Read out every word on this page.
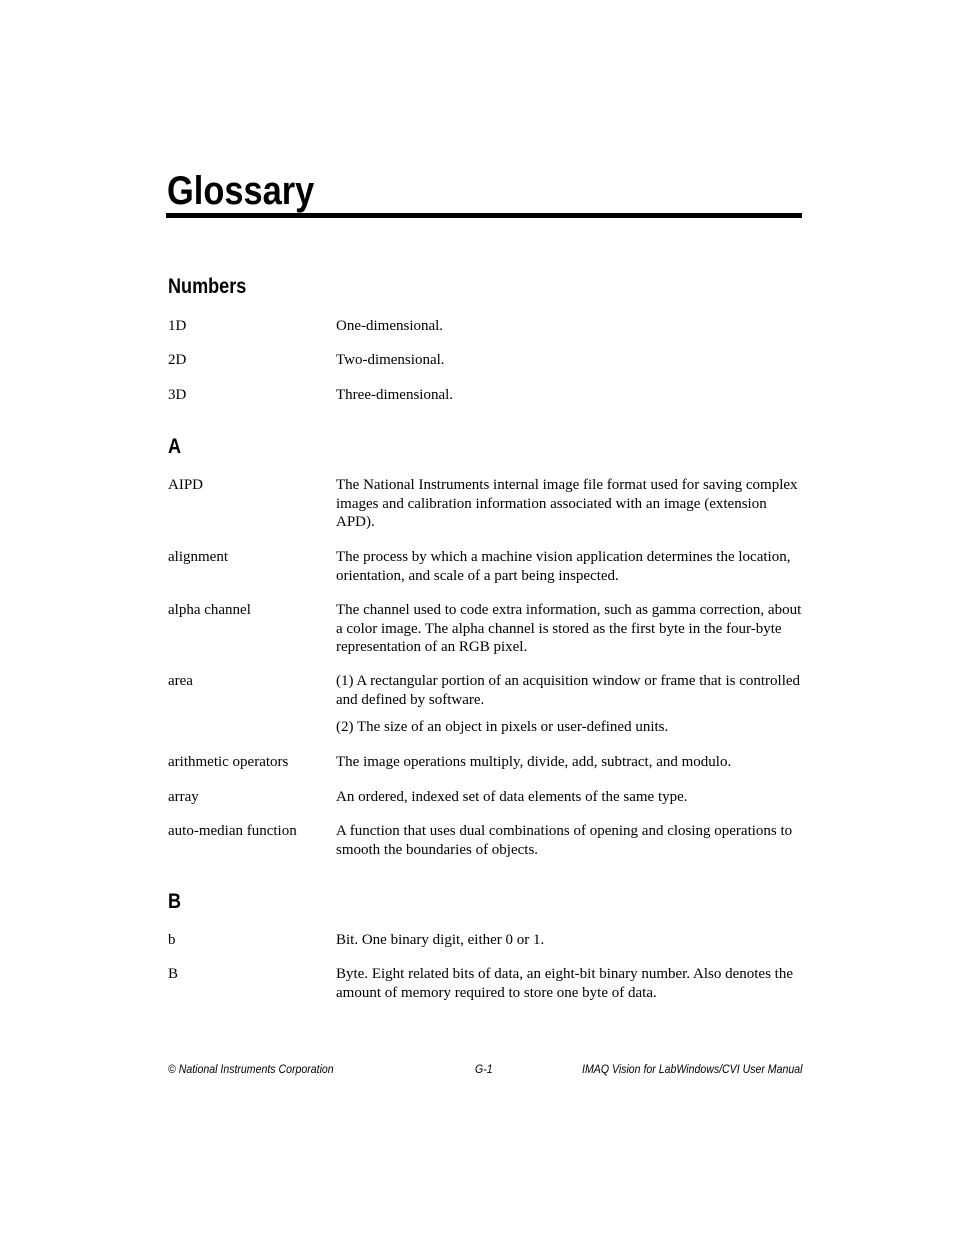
Glossary
Numbers
1D	One-dimensional.

2D	Two-dimensional.

3D	Three-dimensional.

A
AIPD	The National Instruments internal image file format used for saving complex images and calibration information associated with an image (extension APD).

alignment	The process by which a machine vision application determines the location, orientation, and scale of a part being inspected.

alpha channel	The channel used to code extra information, such as gamma correction, about a color image. The alpha channel is stored as the first byte in the four-byte representation of an RGB pixel.

area	(1) A rectangular portion of an acquisition window or frame that is controlled and defined by software.

(2) The size of an object in pixels or user-defined units.

arithmetic operators	The image operations multiply, divide, add, subtract, and modulo.

array	An ordered, indexed set of data elements of the same type.

auto-median function	A function that uses dual combinations of opening and closing operations to smooth the boundaries of objects.

B
b	Bit. One binary digit, either 0 or 1.

B	Byte. Eight related bits of data, an eight-bit binary number. Also denotes the amount of memory required to store one byte of data.

© National Instruments Corporation	G-1	IMAQ Vision for LabWindows/CVI User Manual
